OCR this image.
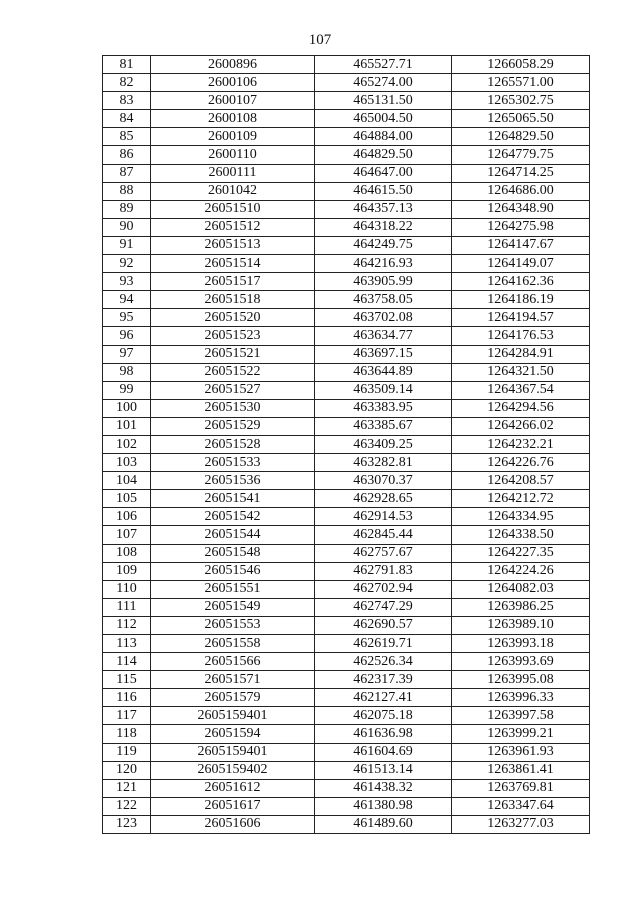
107
81	2600896	465527.71	1266058.29
82	2600106	465274.00	1265571.00
83	2600107	465131.50	1265302.75
84	2600108	465004.50	1265065.50
85	2600109	464884.00	1264829.50
86	2600110	464829.50	1264779.75
87	2600111	464647.00	1264714.25
88	2601042	464615.50	1264686.00
89	26051510	464357.13	1264348.90
90	26051512	464318.22	1264275.98
91	26051513	464249.75	1264147.67
92	26051514	464216.93	1264149.07
93	26051517	463905.99	1264162.36
94	26051518	463758.05	1264186.19
95	26051520	463702.08	1264194.57
96	26051523	463634.77	1264176.53
97	26051521	463697.15	1264284.91
98	26051522	463644.89	1264321.50
99	26051527	463509.14	1264367.54
100	26051530	463383.95	1264294.56
101	26051529	463385.67	1264266.02
102	26051528	463409.25	1264232.21
103	26051533	463282.81	1264226.76
104	26051536	463070.37	1264208.57
105	26051541	462928.65	1264212.72
106	26051542	462914.53	1264334.95
107	26051544	462845.44	1264338.50
108	26051548	462757.67	1264227.35
109	26051546	462791.83	1264224.26
110	26051551	462702.94	1264082.03
111	26051549	462747.29	1263986.25
112	26051553	462690.57	1263989.10
113	26051558	462619.71	1263993.18
114	26051566	462526.34	1263993.69
115	26051571	462317.39	1263995.08
116	26051579	462127.41	1263996.33
117	2605159401	462075.18	1263997.58
118	26051594	461636.98	1263999.21
119	2605159401	461604.69	1263961.93
120	2605159402	461513.14	1263861.41
121	26051612	461438.32	1263769.81
122	26051617	461380.98	1263347.64
123	26051606	461489.60	1263277.03
